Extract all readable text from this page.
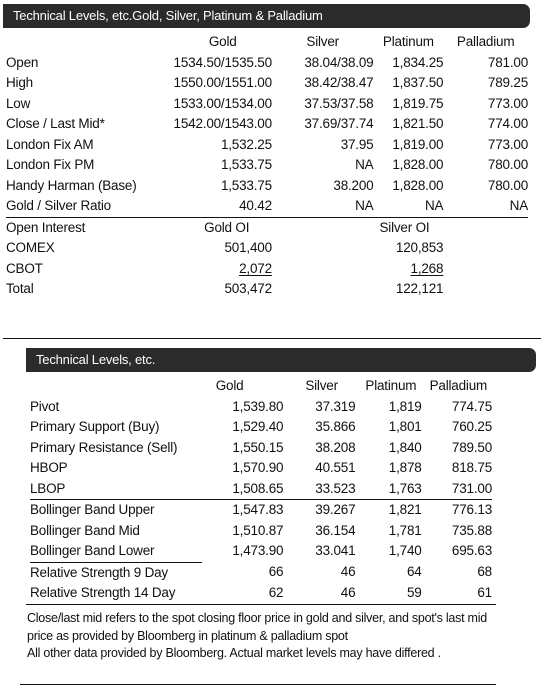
Technical Levels, etc.Gold, Silver, Platinum & Palladium
	Gold	Silver	Platinum	Palladium
Open	1534.50/1535.50	38.04/38.09	1,834.25	781.00
High	1550.00/1551.00	38.42/38.47	1,837.50	789.25
Low	1533.00/1534.00	37.53/37.58	1,819.75	773.00
Close / Last Mid*	1542.00/1543.00	37.69/37.74	1,821.50	774.00
London Fix AM	1,532.25	37.95	1,819.00	773.00
London Fix PM	1,533.75	NA	1,828.00	780.00
Handy Harman (Base)	1,533.75	38.200	1,828.00	780.00
Gold / Silver Ratio	40.42	NA	NA	NA
Open Interest	Gold OI		Silver OI	
COMEX	501,400		120,853	
CBOT	2,072		1,268	
Total	503,472		122,121	
Technical Levels, etc.
	Gold	Silver	Platinum	Palladium
Pivot	1,539.80	37.319	1,819	774.75
Primary Support (Buy)	1,529.40	35.866	1,801	760.25
Primary Resistance (Sell)	1,550.15	38.208	1,840	789.50
HBOP	1,570.90	40.551	1,878	818.75
LBOP	1,508.65	33.523	1,763	731.00
Bollinger Band Upper	1,547.83	39.267	1,821	776.13
Bollinger Band Mid	1,510.87	36.154	1,781	735.88
Bollinger Band Lower	1,473.90	33.041	1,740	695.63
Relative Strength 9 Day	66	46	64	68
Relative Strength 14 Day	62	46	59	61
Close/last mid refers to the spot closing floor price in gold and silver, and spot's last mid
price as provided by Bloomberg in platinum & palladium spot
All other data provided by Bloomberg. Actual market levels may have differed .
